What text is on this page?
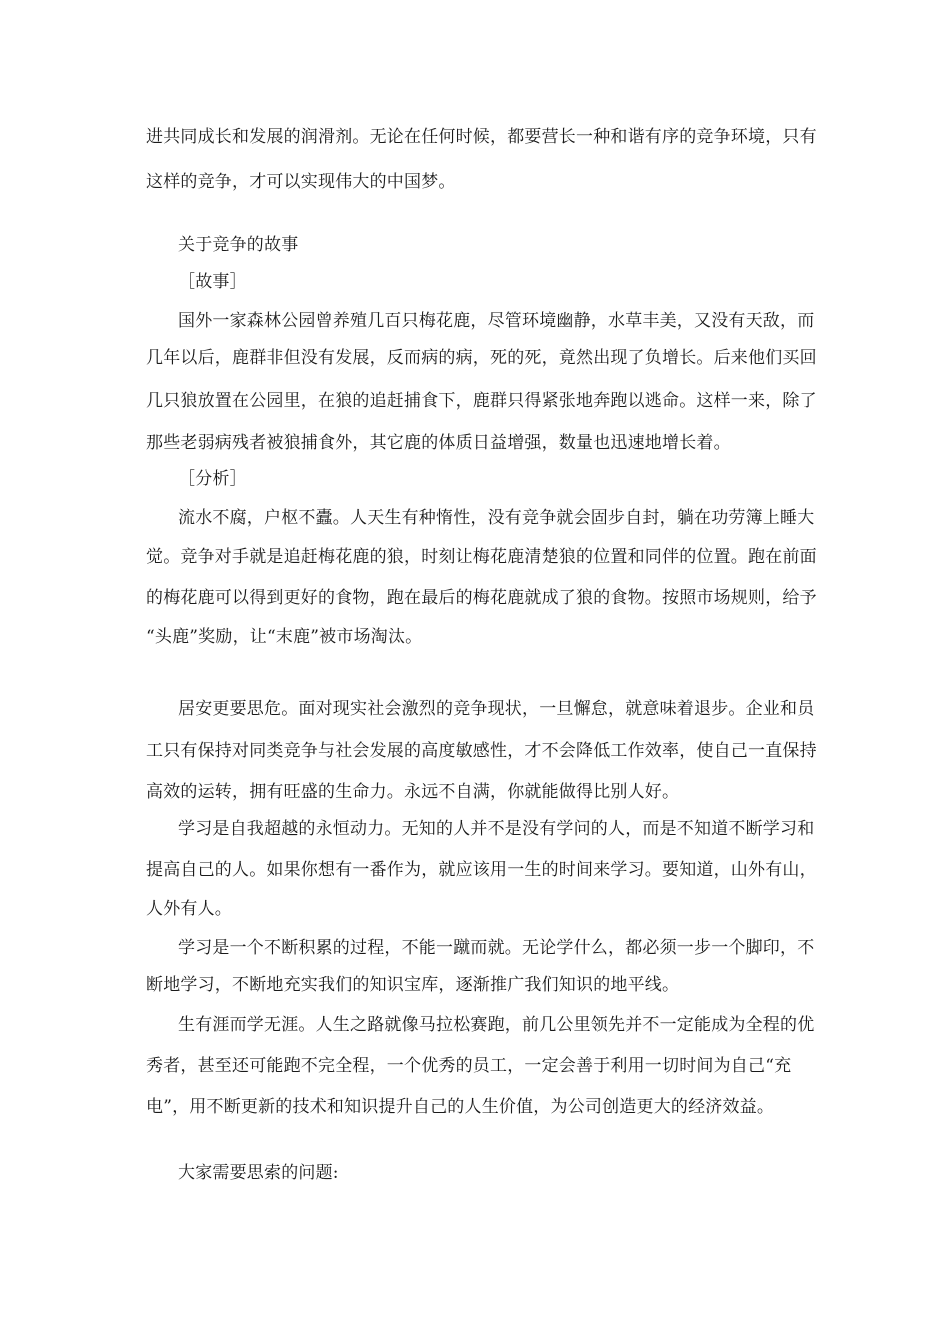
进共同成长和发展的润滑剂。无论在任何时候，都要营长一种和谐有序的竞争环境，只有
这样的竞争，才可以实现伟大的中国梦。
关于竞争的故事
［故事］
国外一家森林公园曾养殖几百只梅花鹿，尽管环境幽静，水草丰美，又没有天敌，而
几年以后，鹿群非但没有发展，反而病的病，死的死，竟然出现了负增长。后来他们买回
几只狼放置在公园里，在狼的追赶捕食下，鹿群只得紧张地奔跑以逃命。这样一来，除了
那些老弱病残者被狼捕食外，其它鹿的体质日益增强，数量也迅速地增长着。
［分析］
流水不腐，户枢不蠹。人天生有种惰性，没有竞争就会固步自封，躺在功劳簿上睡大
觉。竞争对手就是追赶梅花鹿的狼，时刻让梅花鹿清楚狼的位置和同伴的位置。跑在前面
的梅花鹿可以得到更好的食物，跑在最后的梅花鹿就成了狼的食物。按照市场规则，给予
“头鹿”奖励，让“末鹿”被市场淘汰。
居安更要思危。面对现实社会激烈的竞争现状，一旦懈怠，就意味着退步。企业和员
工只有保持对同类竞争与社会发展的高度敏感性，才不会降低工作效率，使自己一直保持
高效的运转，拥有旺盛的生命力。永远不自满，你就能做得比别人好。
学习是自我超越的永恒动力。无知的人并不是没有学问的人，而是不知道不断学习和
提高自己的人。如果你想有一番作为，就应该用一生的时间来学习。要知道，山外有山，
人外有人。
学习是一个不断积累的过程，不能一蹴而就。无论学什么，都必须一步一个脚印，不
断地学习，不断地充实我们的知识宝库，逐渐推广我们知识的地平线。
生有涯而学无涯。人生之路就像马拉松赛跑，前几公里领先并不一定能成为全程的优
秀者，甚至还可能跑不完全程，一个优秀的员工，一定会善于利用一切时间为自己“充
电”，用不断更新的技术和知识提升自己的人生价值，为公司创造更大的经济效益。
大家需要思索的问题:
